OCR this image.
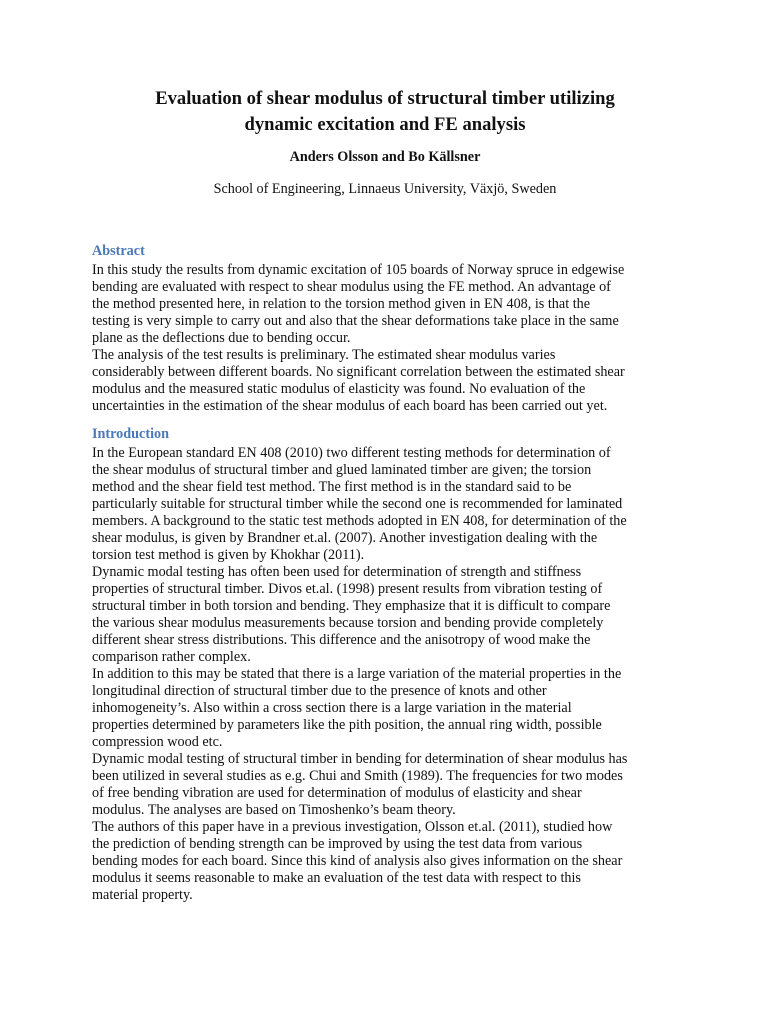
Evaluation of shear modulus of structural timber utilizing
dynamic excitation and FE analysis

Anders Olsson and Bo Källsner

School of Engineering, Linnaeus University, Växjö, Sweden

Abstract

In this study the results from dynamic excitation of 105 boards of Norway spruce in edgewise
bending are evaluated with respect to shear modulus using the FE method. An advantage of
the method presented here, in relation to the torsion method given in EN 408, is that the
testing is very simple to carry out and also that the shear deformations take place in the same
plane as the deflections due to bending occur.

The analysis of the test results is preliminary. The estimated shear modulus varies
considerably between different boards. No significant correlation between the estimated shear
modulus and the measured static modulus of elasticity was found. No evaluation of the
uncertainties in the estimation of the shear modulus of each board has been carried out yet.

Introduction

In the European standard EN 408 (2010) two different testing methods for determination of
the shear modulus of structural timber and glued laminated timber are given; the torsion
method and the shear field test method. The first method is in the standard said to be
particularly suitable for structural timber while the second one is recommended for laminated
members. A background to the static test methods adopted in EN 408, for determination of the
shear modulus, is given by Brandner et.al. (2007). Another investigation dealing with the
torsion test method is given by Khokhar (2011).

Dynamic modal testing has often been used for determination of strength and stiffness
properties of structural timber. Divos et.al. (1998) present results from vibration testing of
structural timber in both torsion and bending. They emphasize that it is difficult to compare
the various shear modulus measurements because torsion and bending provide completely
different shear stress distributions. This difference and the anisotropy of wood make the
comparison rather complex.

In addition to this may be stated that there is a large variation of the material properties in the
longitudinal direction of structural timber due to the presence of knots and other
inhomogeneity’s. Also within a cross section there is a large variation in the material
properties determined by parameters like the pith position, the annual ring width, possible
compression wood etc.

Dynamic modal testing of structural timber in bending for determination of shear modulus has
been utilized in several studies as e.g. Chui and Smith (1989). The frequencies for two modes
of free bending vibration are used for determination of modulus of elasticity and shear
modulus. The analyses are based on Timoshenko’s beam theory.

The authors of this paper have in a previous investigation, Olsson et.al. (2011), studied how
the prediction of bending strength can be improved by using the test data from various
bending modes for each board. Since this kind of analysis also gives information on the shear
modulus it seems reasonable to make an evaluation of the test data with respect to this
material property.
